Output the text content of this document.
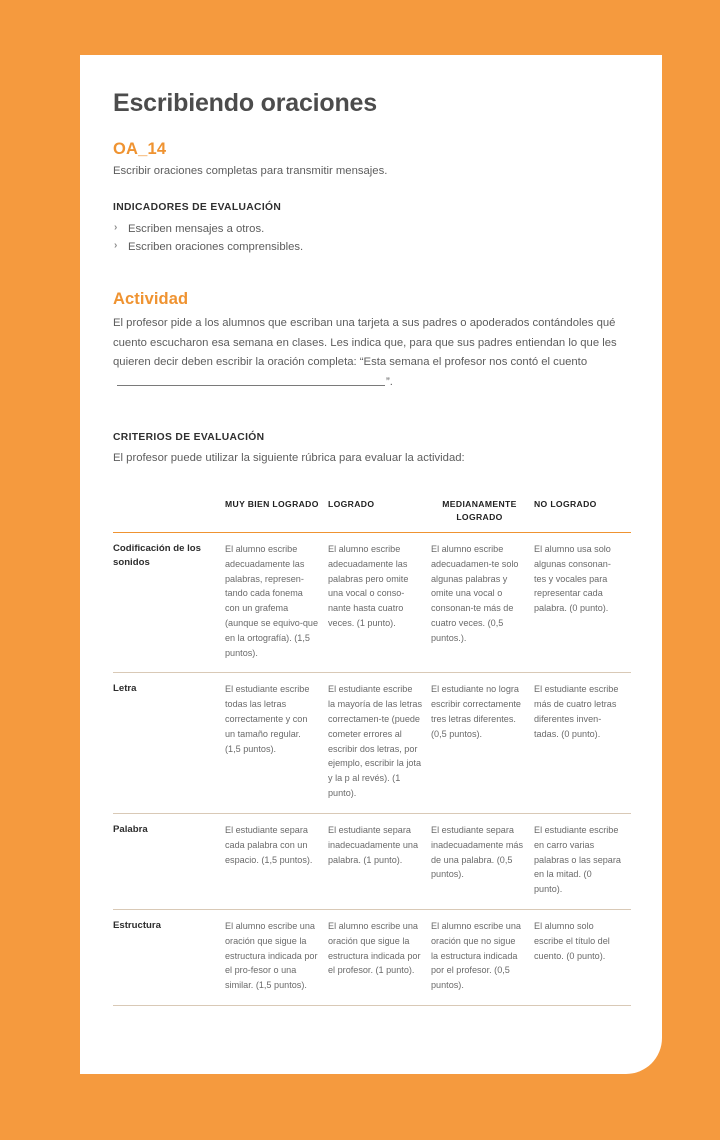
Escribiendo oraciones
OA_14

Escribir oraciones completas para transmitir mensajes.

INDICADORES DE EVALUACIÓN
› Escriben mensajes a otros.
› Escriben oraciones comprensibles.
Actividad

El profesor pide a los alumnos que escriban una tarjeta a sus padres o apoderados contándoles qué cuento escucharon esa semana en clases. Les indica que, para que sus padres entiendan lo que les quieren decir deben escribir la oración completa: “Esta semana el profesor nos contó el cuento”.

CRITERIOS DE EVALUACIÓN

El profesor puede utilizar la siguiente rúbrica para evaluar la actividad:

	MUY BIEN LOGRADO	LOGRADO	MEDIANAMENTE LOGRADO	NO LOGRADO
Codificación de los sonidos	El alumno escribe adecuadamente las palabras, represen-tando cada fonema con un grafema (aunque se equivo-que en la ortografía). (1,5 puntos).	El alumno escribe adecuadamente las palabras pero omite una vocal o conso-nante hasta cuatro veces. (1 punto).	El alumno escribe adecuadamen-te solo algunas palabras y omite una vocal o consonan-te más de cuatro veces. (0,5 puntos.).	El alumno usa solo algunas consonan-tes y vocales para representar cada palabra. (0 punto).
Letra	El estudiante escribe todas las letras correctamente y con un tamaño regular. (1,5 puntos).	El estudiante escribe la mayoría de las letras correctamen-te (puede cometer errores al escribir dos letras, por ejemplo, escribir la jota y la p al revés). (1 punto).	El estudiante no logra escribir correctamente tres letras diferentes. (0,5 puntos).	El estudiante escribe más de cuatro letras diferentes inven-tadas. (0 punto).
Palabra	El estudiante separa cada palabra con un espacio. (1,5 puntos).	El estudiante separa inadecuadamente una palabra. (1 punto).	El estudiante separa inadecuadamente más de una palabra. (0,5 puntos).	El estudiante escribe en carro varias palabras o las separa en la mitad. (0 punto).
Estructura	El alumno escribe una oración que sigue la estructura indicada por el pro-fesor o una similar. (1,5 puntos).	El alumno escribe una oración que sigue la estructura indicada por el profesor. (1 punto).	El alumno escribe una oración que no sigue la estructura indicada por el profesor. (0,5 puntos).	El alumno solo escribe el título del cuento. (0 punto).
